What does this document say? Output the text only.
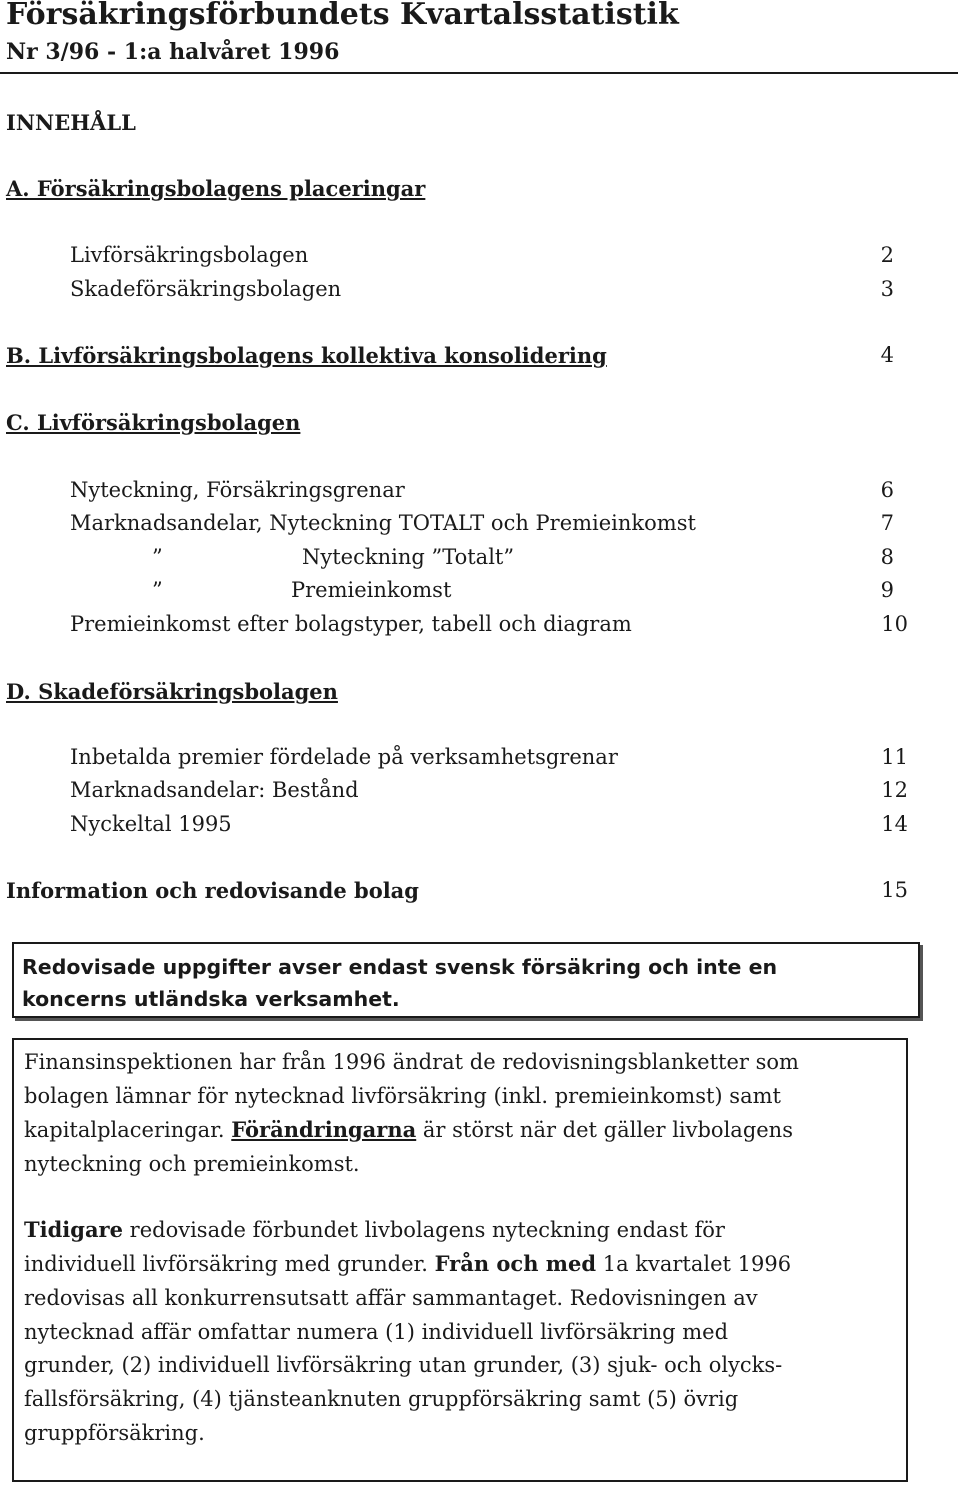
Försäkringsförbundets Kvartalsstatistik
Nr 3/96 - 1:a halvåret 1996
INNEHÅLL
A. Försäkringsbolagens placeringar
Livförsäkringsbolagen	2
Skadeförsäkringsbolagen	3
B. Livförsäkringsbolagens kollektiva konsolidering	4
C. Livförsäkringsbolagen
Nyteckning, Försäkringsgrenar	6
Marknadsandelar, Nyteckning TOTALT och Premieinkomst	7
”	Nyteckning ”Totalt”	8
”	Premieinkomst	9
Premieinkomst efter bolagstyper, tabell och diagram	10
D. Skadeförsäkringsbolagen
Inbetalda premier fördelade på verksamhetsgrenar	11
Marknadsandelar: Bestånd	12
Nyckeltal 1995	14
Information och redovisande bolag	15
Redovisade uppgifter avser endast svensk försäkring och inte en
koncerns utländska verksamhet.
Finansinspektionen har från 1996 ändrat de redovisningsblanketter som
bolagen lämnar för nytecknad livförsäkring (inkl. premieinkomst) samt
kapitalplaceringar. Förändringarna är störst när det gäller livbolagens
nyteckning och premieinkomst.
Tidigare redovisade förbundet livbolagens nyteckning endast för
individuell livförsäkring med grunder. Från och med 1a kvartalet 1996
redovisas all konkurrensutsatt affär sammantaget. Redovisningen av
nytecknad affär omfattar numera (1) individuell livförsäkring med
grunder, (2) individuell livförsäkring utan grunder, (3) sjuk- och olycks-
fallsförsäkring, (4) tjänsteanknuten gruppförsäkring samt (5) övrig
gruppförsäkring.
